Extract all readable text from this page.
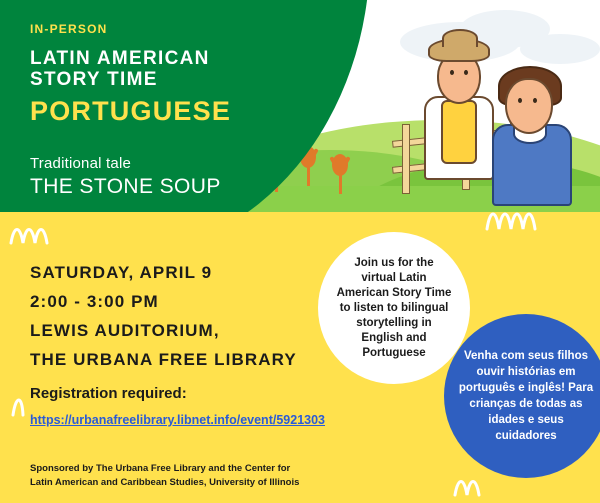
IN-PERSON
LATIN AMERICAN
STORY TIME
PORTUGUESE
Traditional tale
THE STONE SOUP
SATURDAY, APRIL 9
2:00 - 3:00 PM
LEWIS AUDITORIUM,
THE URBANA FREE LIBRARY
Registration required:
https://urbanafreelibrary.libnet.info/event/5921303
Sponsored by The Urbana Free Library and the Center for
Latin American and Caribbean Studies, University of Illinois
Join us for the virtual Latin American Story Time to listen to bilingual storytelling in English and Portuguese	Venha com seus filhos ouvir histórias em português e inglês! Para crianças de todas as idades e seus cuidadores
